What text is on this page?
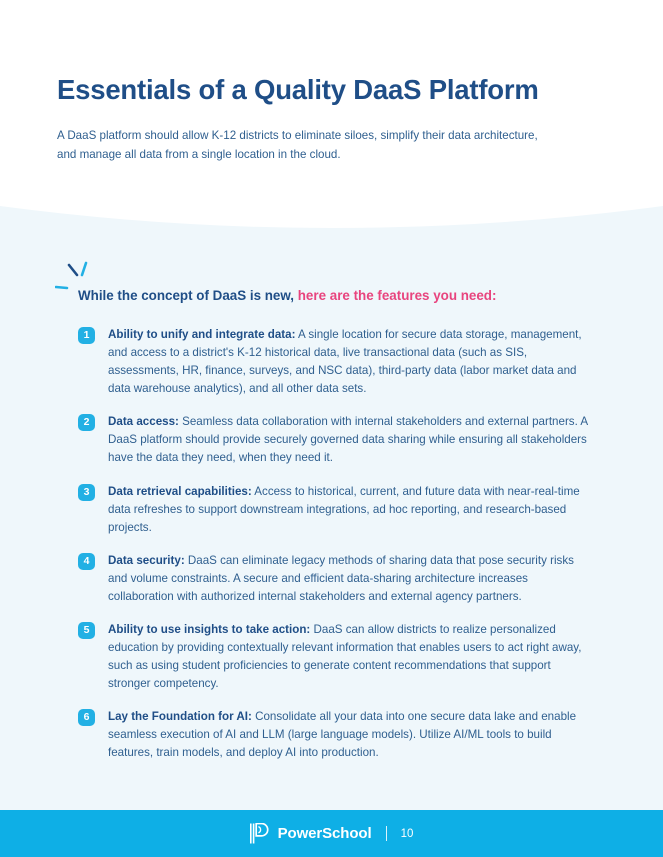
Essentials of a Quality DaaS Platform
A DaaS platform should allow K-12 districts to eliminate siloes, simplify their data architecture, and manage all data from a single location in the cloud.
While the concept of DaaS is new, here are the features you need:
1	Ability to unify and integrate data: A single location for secure data storage, management, and access to a district's K-12 historical data, live transactional data (such as SIS, assessments, HR, finance, surveys, and NSC data), third-party data (labor market data and data warehouse analytics), and all other data sets.
2	Data access: Seamless data collaboration with internal stakeholders and external partners. A DaaS platform should provide securely governed data sharing while ensuring all stakeholders have the data they need, when they need it.
3	Data retrieval capabilities: Access to historical, current, and future data with near-real-time data refreshes to support downstream integrations, ad hoc reporting, and research-based projects.
4	Data security: DaaS can eliminate legacy methods of sharing data that pose security risks and volume constraints. A secure and efficient data-sharing architecture increases collaboration with authorized internal stakeholders and external agency partners.
5	Ability to use insights to take action: DaaS can allow districts to realize personalized education by providing contextually relevant information that enables users to act right away, such as using student proficiencies to generate content recommendations that support stronger competency.
6	Lay the Foundation for AI: Consolidate all your data into one secure data lake and enable seamless execution of AI and LLM (large language models). Utilize AI/ML tools to build features, train models, and deploy AI into production.
PowerSchool	10
